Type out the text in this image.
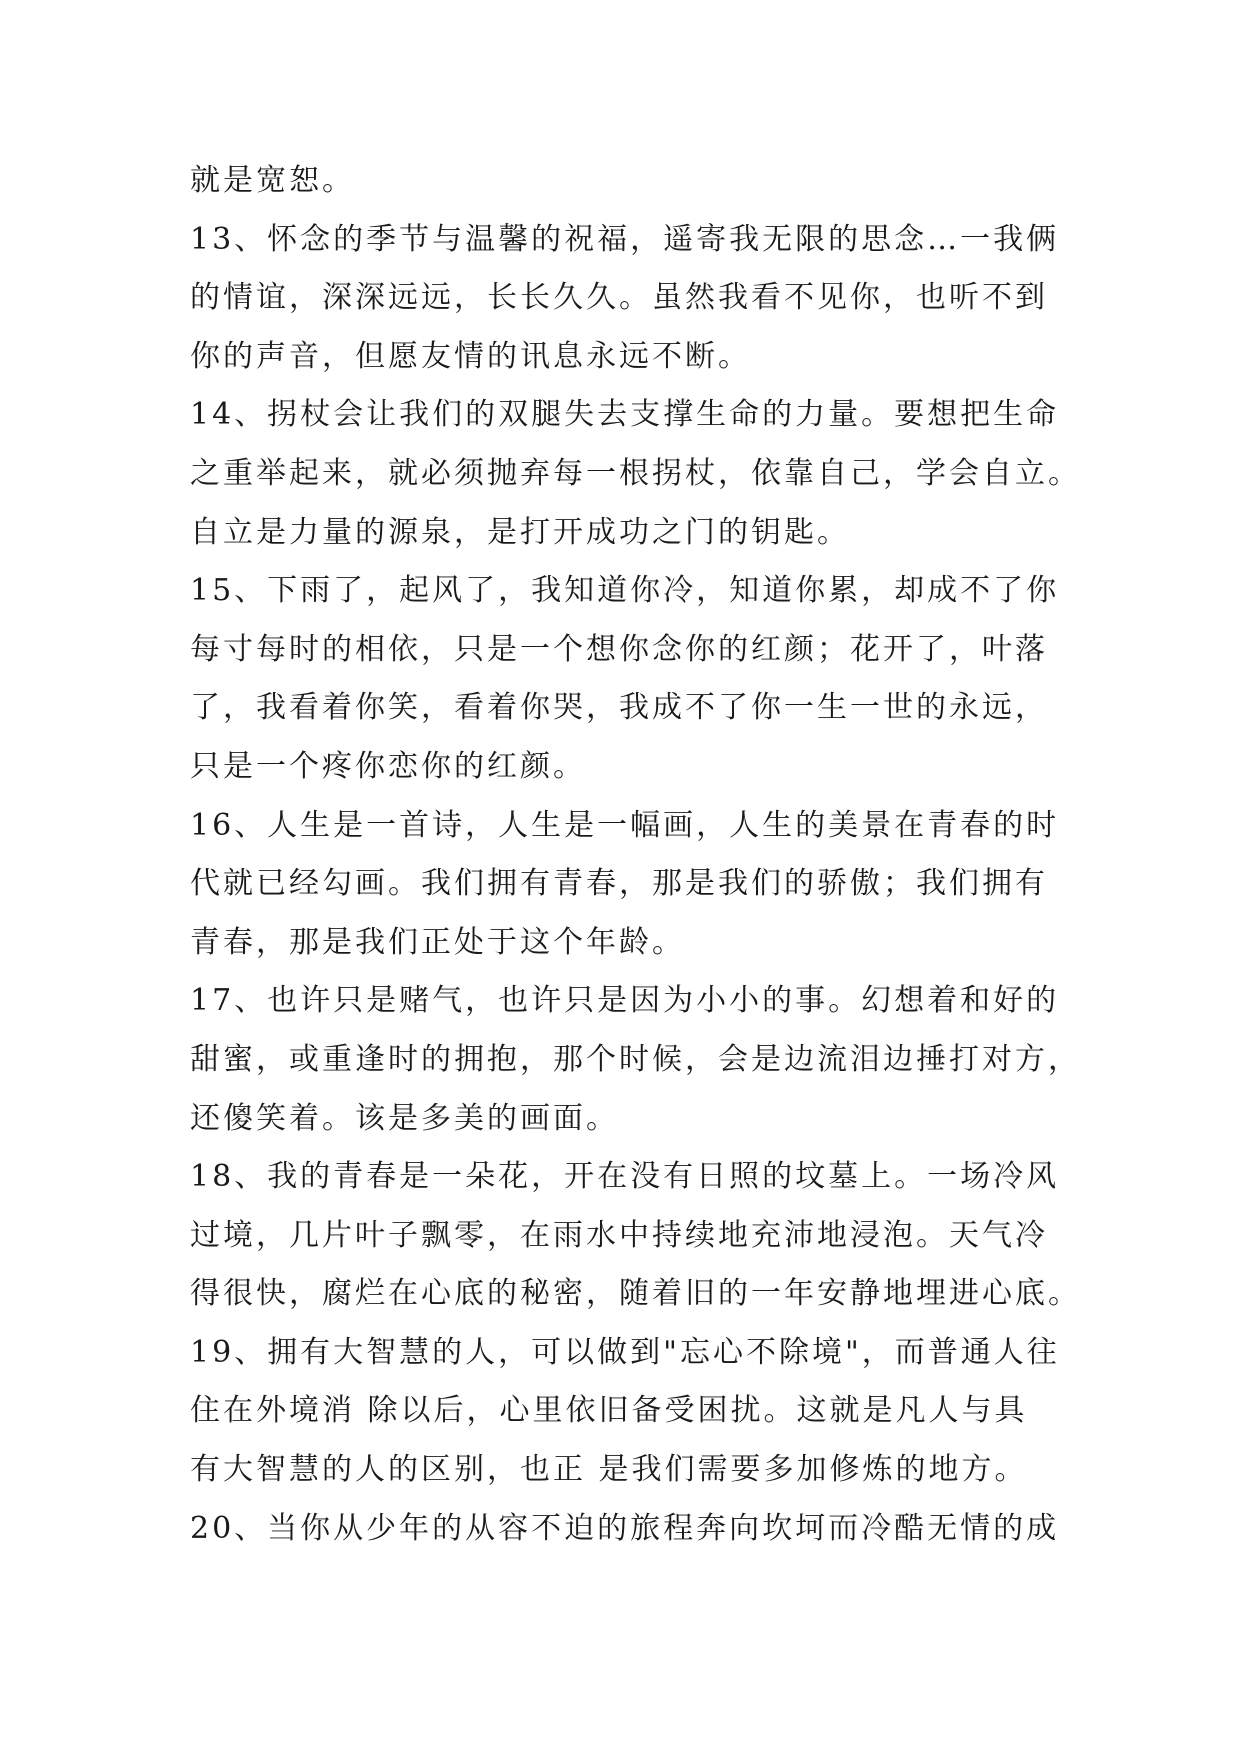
就是宽恕。
13、怀念的季节与温馨的祝福，遥寄我无限的思念…一我俩
的情谊，深深远远，长长久久。虽然我看不见你，也听不到
你的声音，但愿友情的讯息永远不断。
14、拐杖会让我们的双腿失去支撑生命的力量。要想把生命
之重举起来，就必须抛弃每一根拐杖，依靠自己，学会自立。
自立是力量的源泉，是打开成功之门的钥匙。
15、下雨了，起风了，我知道你冷，知道你累，却成不了你
每寸每时的相依，只是一个想你念你的红颜；花开了，叶落
了，我看着你笑，看着你哭，我成不了你一生一世的永远，
只是一个疼你恋你的红颜。
16、人生是一首诗，人生是一幅画，人生的美景在青春的时
代就已经勾画。我们拥有青春，那是我们的骄傲；我们拥有
青春，那是我们正处于这个年龄。
17、也许只是赌气，也许只是因为小小的事。幻想着和好的
甜蜜，或重逢时的拥抱，那个时候，会是边流泪边捶打对方，
还傻笑着。该是多美的画面。
18、我的青春是一朵花，开在没有日照的坟墓上。一场冷风
过境，几片叶子飘零，在雨水中持续地充沛地浸泡。天气冷
得很快，腐烂在心底的秘密，随着旧的一年安静地埋进心底。
19、拥有大智慧的人，可以做到"忘心不除境"，而普通人往
住在外境消 除以后，心里依旧备受困扰。这就是凡人与具
有大智慧的人的区别，也正 是我们需要多加修炼的地方。
20、当你从少年的从容不迫的旅程奔向坎坷而冷酷无情的成
